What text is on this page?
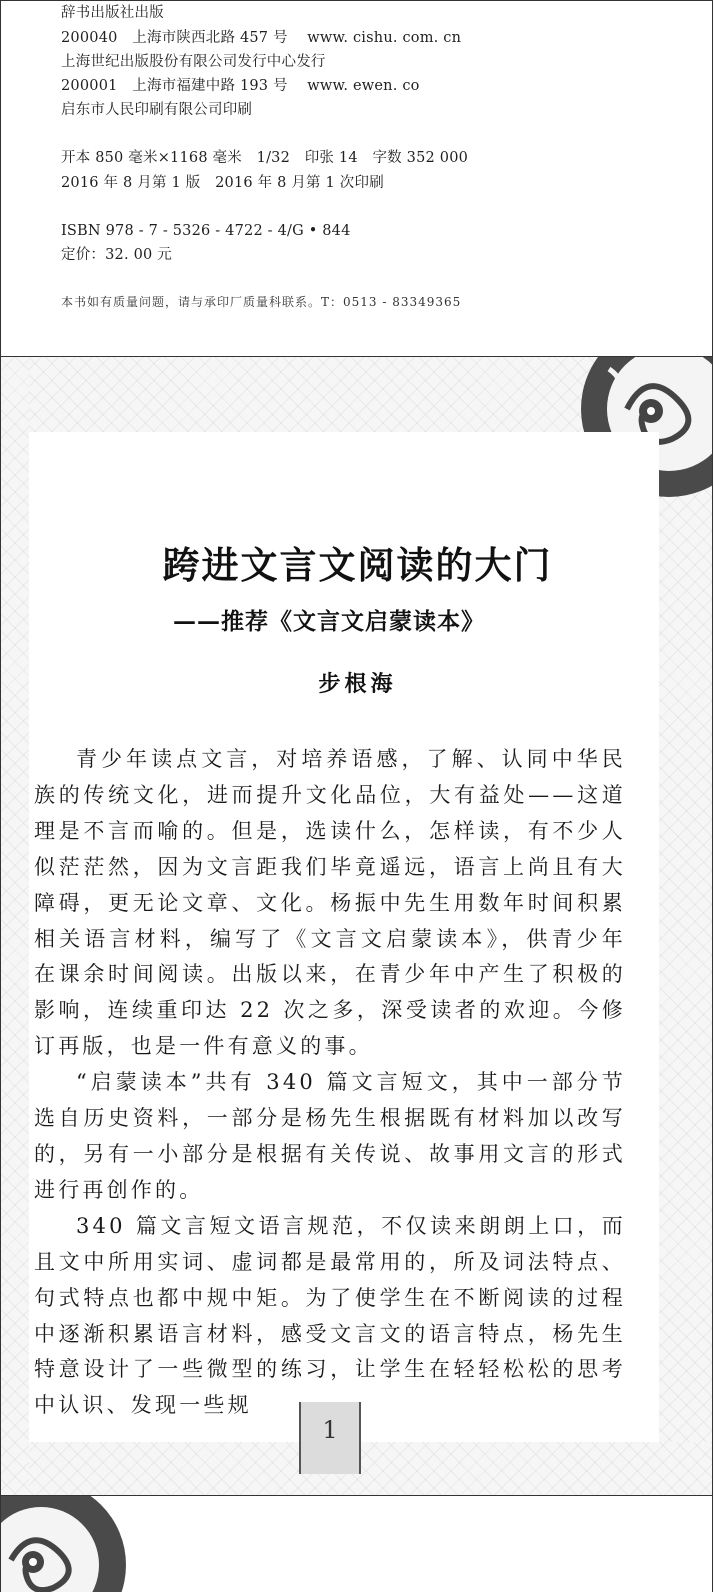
辞书出版社出版
200040　上海市陕西北路 457 号　 www. cishu. com. cn
上海世纪出版股份有限公司发行中心发行
200001　上海市福建中路 193 号　 www. ewen. co
启东市人民印刷有限公司印刷
开本 850 毫米×1168 毫米　1/32　印张 14　字数 352 000
2016 年 8 月第 1 版　2016 年 8 月第 1 次印刷
ISBN 978 - 7 - 5326 - 4722 - 4/G • 844
定价：32. 00 元
本书如有质量问题，请与承印厂质量科联系。T：0513 - 83349365
跨进文言文阅读的大门
——推荐《文言文启蒙读本》
步根海

青少年读点文言，对培养语感，了解、认同中华民族的传统文化，进而提升文化品位，大有益处——这道理是不言而喻的。但是，选读什么，怎样读，有不少人似茫茫然，因为文言距我们毕竟遥远，语言上尚且有大障碍，更无论文章、文化。杨振中先生用数年时间积累相关语言材料，编写了《文言文启蒙读本》，供青少年在课余时间阅读。出版以来，在青少年中产生了积极的影响，连续重印达 22 次之多，深受读者的欢迎。今修订再版，也是一件有意义的事。

“启蒙读本”共有 340 篇文言短文，其中一部分节选自历史资料，一部分是杨先生根据既有材料加以改写的，另有一小部分是根据有关传说、故事用文言的形式进行再创作的。

340 篇文言短文语言规范，不仅读来朗朗上口，而且文中所用实词、虚词都是最常用的，所及词法特点、句式特点也都中规中矩。为了使学生在不断阅读的过程中逐渐积累语言材料，感受文言文的语言特点，杨先生特意设计了一些微型的练习，让学生在轻轻松松的思考中认识、发现一些规

1
